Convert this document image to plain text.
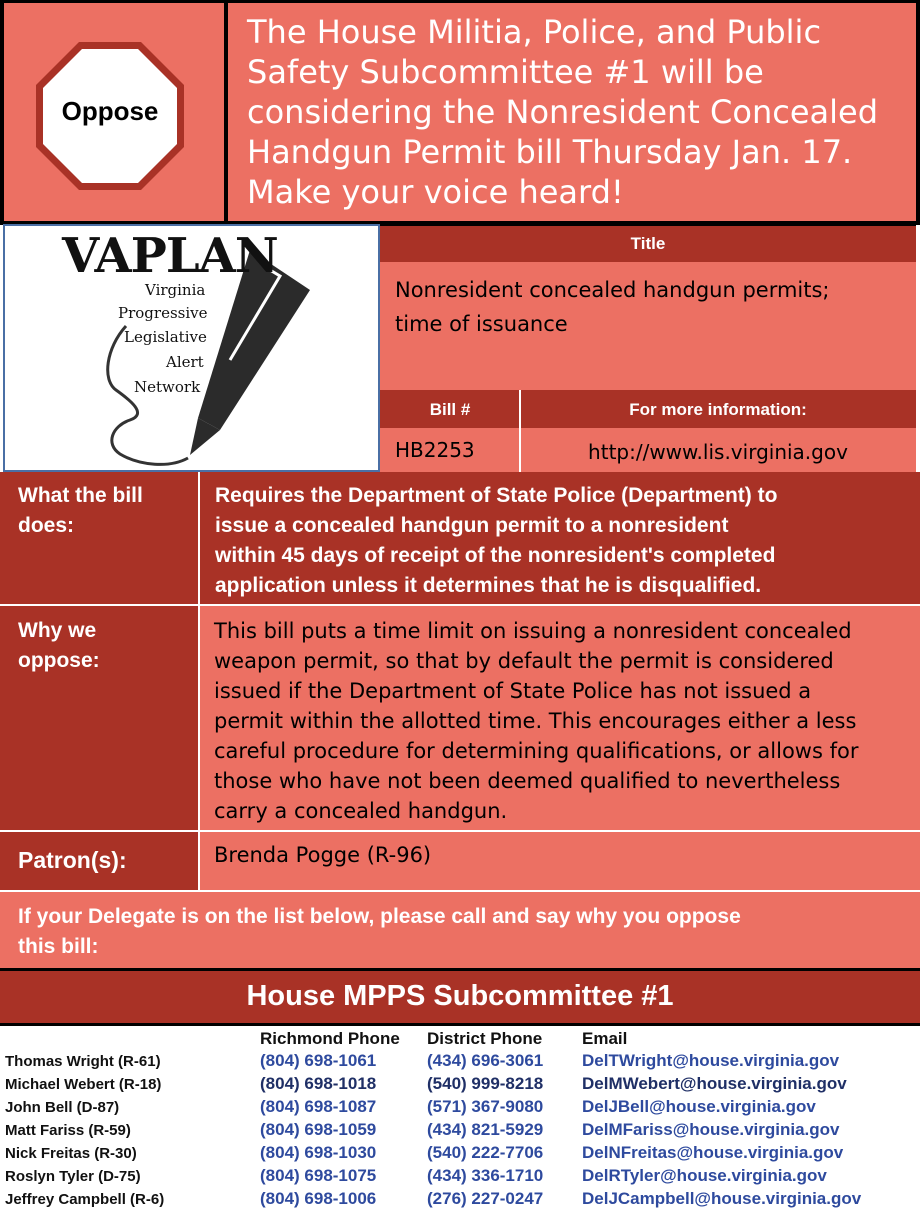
Oppose
The House Militia, Police, and Public
Safety Subcommittee #1 will be
considering the Nonresident Concealed
Handgun Permit bill Thursday Jan. 17.
Make your voice heard!
VAPLAN
Virginia
Progressive
Legislative
Alert
Network
Title
Nonresident concealed handgun permits;
time of issuance
Bill #	For more information:
HB2253	http://www.lis.virginia.gov
What the bill
does:
Requires the Department of State Police (Department) to
issue a concealed handgun permit to a nonresident
within 45 days of receipt of the nonresident's completed
application unless it determines that he is disqualified.
Why we
oppose:
This bill puts a time limit on issuing a nonresident concealed
weapon permit, so that by default the permit is considered
issued if the Department of State Police has not issued a
permit within the allotted time. This encourages either a less
careful procedure for determining qualifications, or allows for
those who have not been deemed qualified to nevertheless
carry a concealed handgun.
Patron(s):	Brenda Pogge (R-96)
If your Delegate is on the list below, please call and say why you oppose
this bill:
House MPPS Subcommittee #1
Richmond Phone District Phone Email
Thomas Wright (R-61)	(804) 698-1061	(434) 696-3061 DelTWright@house.virginia.gov
Michael Webert (R-18)	(804) 698-1018	(540) 999-8218 DelMWebert@house.virginia.gov
John Bell (D-87)	(804) 698-1087	(571) 367-9080 DelJBell@house.virginia.gov
Matt Fariss (R-59)	(804) 698-1059	(434) 821-5929 DelMFariss@house.virginia.gov
Nick Freitas (R-30)	(804) 698-1030	(540) 222-7706 DelNFreitas@house.virginia.gov
Roslyn Tyler (D-75)	(804) 698-1075	(434) 336-1710 DelRTyler@house.virginia.gov
Jeffrey Campbell (R-6)	(804) 698-1006	(276) 227-0247 DelJCampbell@house.virginia.gov
